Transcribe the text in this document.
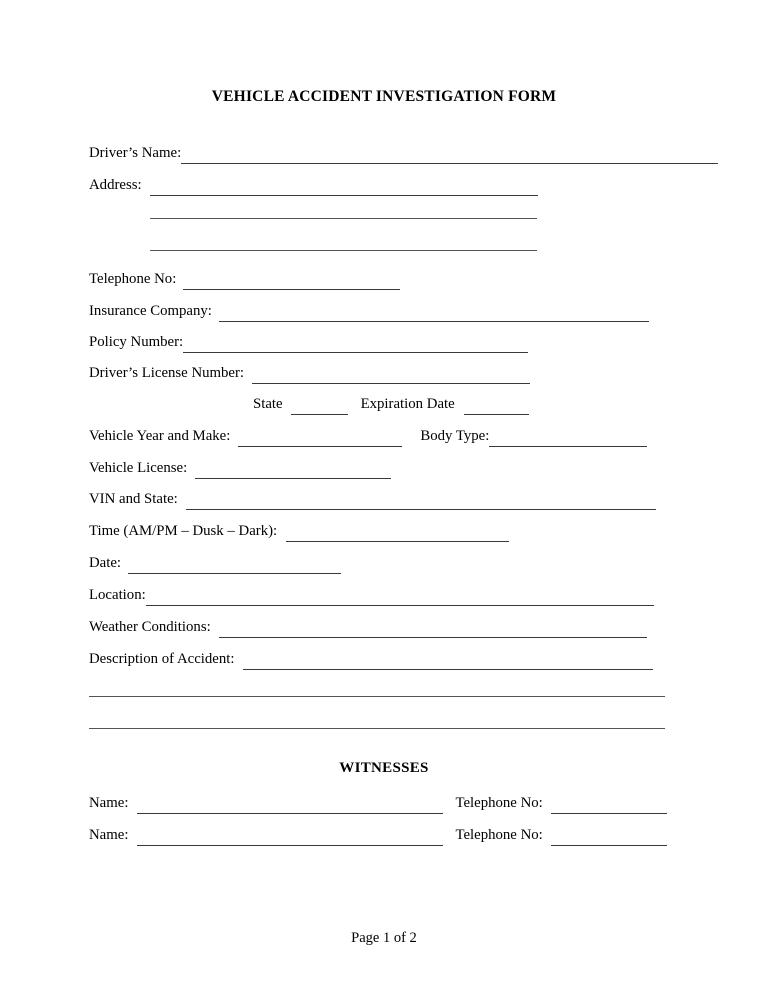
VEHICLE ACCIDENT INVESTIGATION FORM
Driver’s Name:
Address:
Telephone No:
Insurance Company:
Policy Number:
Driver’s License Number:
State	Expiration Date
Vehicle Year and Make:	Body Type:
Vehicle License:
VIN and State:
Time (AM/PM – Dusk – Dark):
Date:
Location:
Weather Conditions:
Description of Accident:
WITNESSES
Name:	Telephone No:
Name:	Telephone No:
Page 1 of 2
